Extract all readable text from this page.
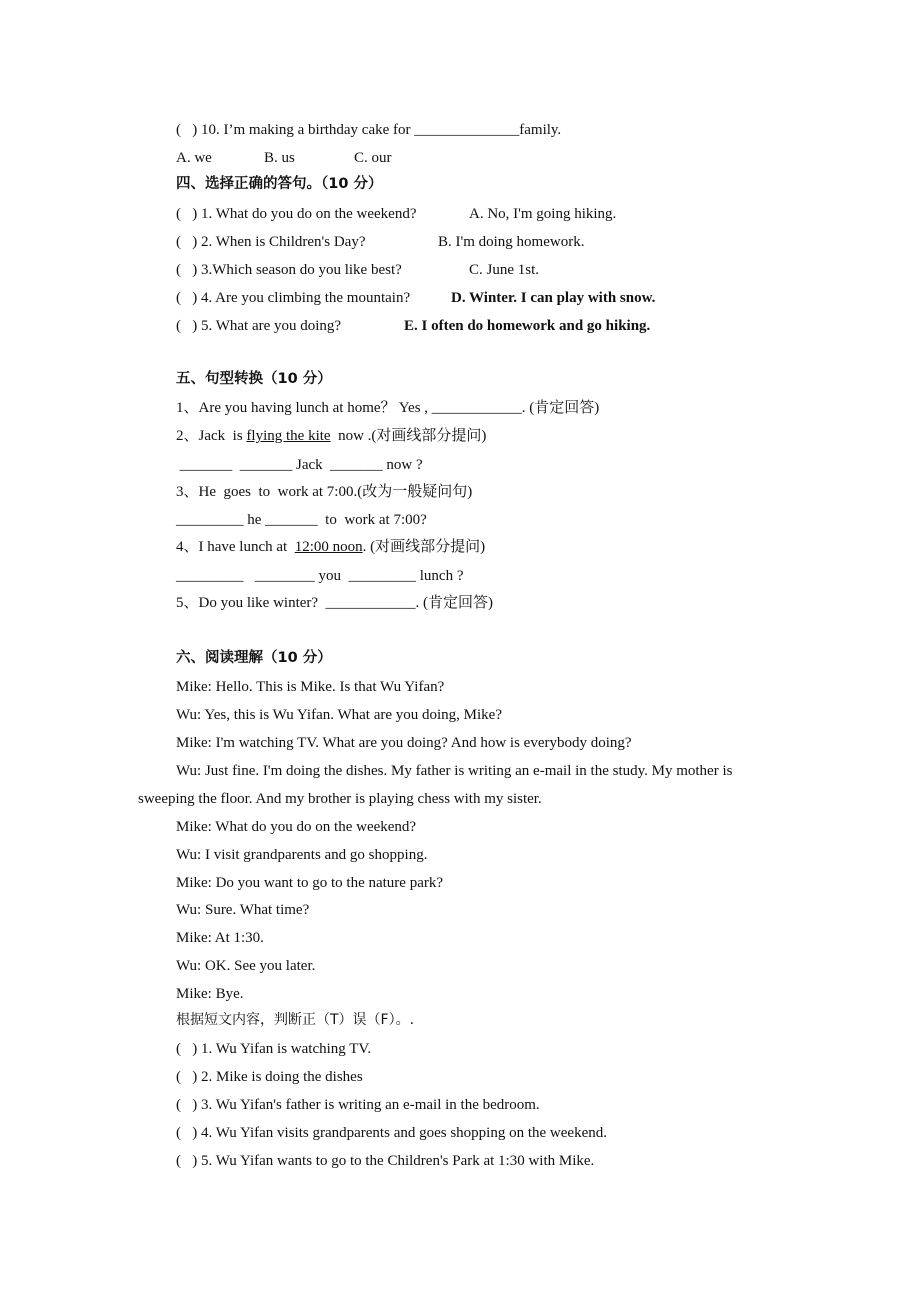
(   ) 10. I’m making a birthday cake for ______________family.
A. we	B. us	C. our
四、选择正确的答句。（10 分）
(   ) 1. What do you do on the weekend?	A. No, I'm going hiking.
(   ) 2. When is Children's Day?	B. I'm doing homework.
(   ) 3.Which season do you like best?	C. June 1st.
(   ) 4. Are you climbing the mountain?	D. Winter. I can play with snow.
(   ) 5. What are you doing?	E. I often do homework and go hiking.
五、句型转换（10 分）
1、Are you having lunch at home？ Yes , ____________. (肯定回答)
2、Jack  is flying the kite  now .(对画线部分提问)
_______  _______ Jack  _______ now ?
3、He  goes  to  work at 7:00.(改为一般疑问句)
_________ he _______  to  work at 7:00?
4、I have lunch at  12:00 noon. (对画线部分提问)
_________   ________ you  _________ lunch ?
5、Do you like winter?  ____________. (肯定回答)
六、阅读理解（10 分）
Mike: Hello. This is Mike. Is that Wu Yifan?
Wu: Yes, this is Wu Yifan. What are you doing, Mike?
Mike: I'm watching TV. What are you doing? And how is everybody doing?
Wu: Just fine. I'm doing the dishes. My father is writing an e-mail in the study. My mother is sweeping the floor. And my brother is playing chess with my sister.
Mike: What do you do on the weekend?
Wu: I visit grandparents and go shopping.
Mike: Do you want to go to the nature park?
Wu: Sure. What time?
Mike: At 1:30.
Wu: OK. See you later.
Mike: Bye.
根据短文内容，判断正（T）误（F）。.
(   ) 1. Wu Yifan is watching TV.
(   ) 2. Mike is doing the dishes
(   ) 3. Wu Yifan's father is writing an e-mail in the bedroom.
(   ) 4. Wu Yifan visits grandparents and goes shopping on the weekend.
(   ) 5. Wu Yifan wants to go to the Children's Park at 1:30 with Mike.
